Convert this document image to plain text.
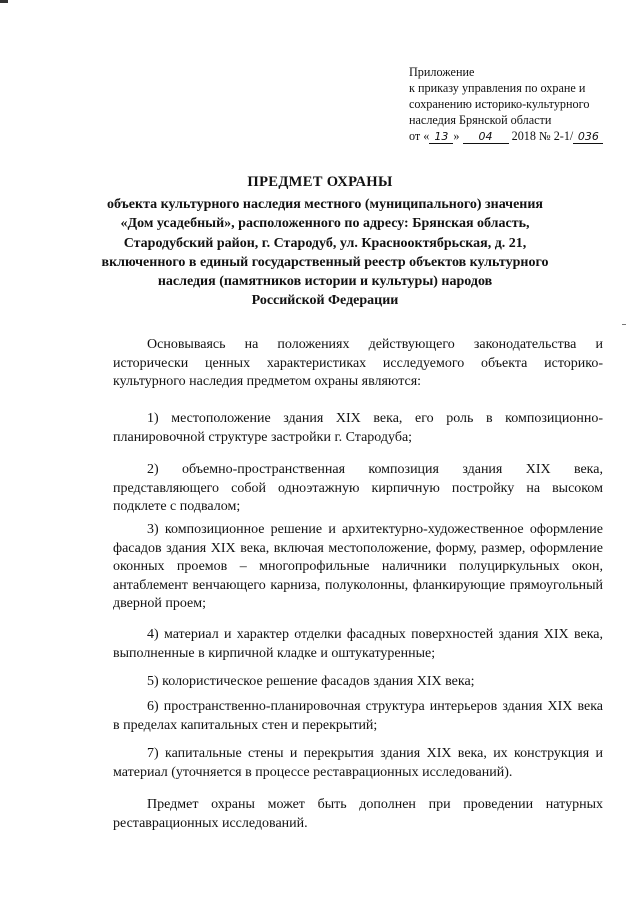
Приложение
к приказу управления по охране и
сохранению историко-культурного
наследия Брянской области
от « 13 » 04 2018 № 2-1/ 036
ПРЕДМЕТ ОХРАНЫ
объекта культурного наследия местного (муниципального) значения
«Дом усадебный», расположенного по адресу: Брянская область,
Стародубский район, г. Стародуб, ул. Краснооктябрьская, д. 21,
включенного в единый государственный реестр объектов культурного
наследия (памятников истории и культуры) народов
Российской Федерации

Основываясь на положениях действующего законодательства и исторически ценных характеристиках исследуемого объекта историко-культурного наследия предметом охраны являются:

1) местоположение здания XIX века, его роль в композиционно-планировочной структуре застройки г. Стародуба;

2) объемно-пространственная композиция здания XIX века, представляющего собой одноэтажную кирпичную постройку на высоком подклете с подвалом;

3) композиционное решение и архитектурно-художественное оформление фасадов здания XIX века, включая местоположение, форму, размер, оформление оконных проемов – многопрофильные наличники полуциркульных окон, антаблемент венчающего карниза, полуколонны, фланкирующие прямоугольный дверной проем;

4) материал и характер отделки фасадных поверхностей здания XIX века, выполненные в кирпичной кладке и оштукатуренные;

5) колористическое решение фасадов здания XIX века;

6) пространственно-планировочная структура интерьеров здания XIX века в пределах капитальных стен и перекрытий;

7) капитальные стены и перекрытия здания XIX века, их конструкция и материал (уточняется в процессе реставрационных исследований).

Предмет охраны может быть дополнен при проведении натурных реставрационных исследований.
